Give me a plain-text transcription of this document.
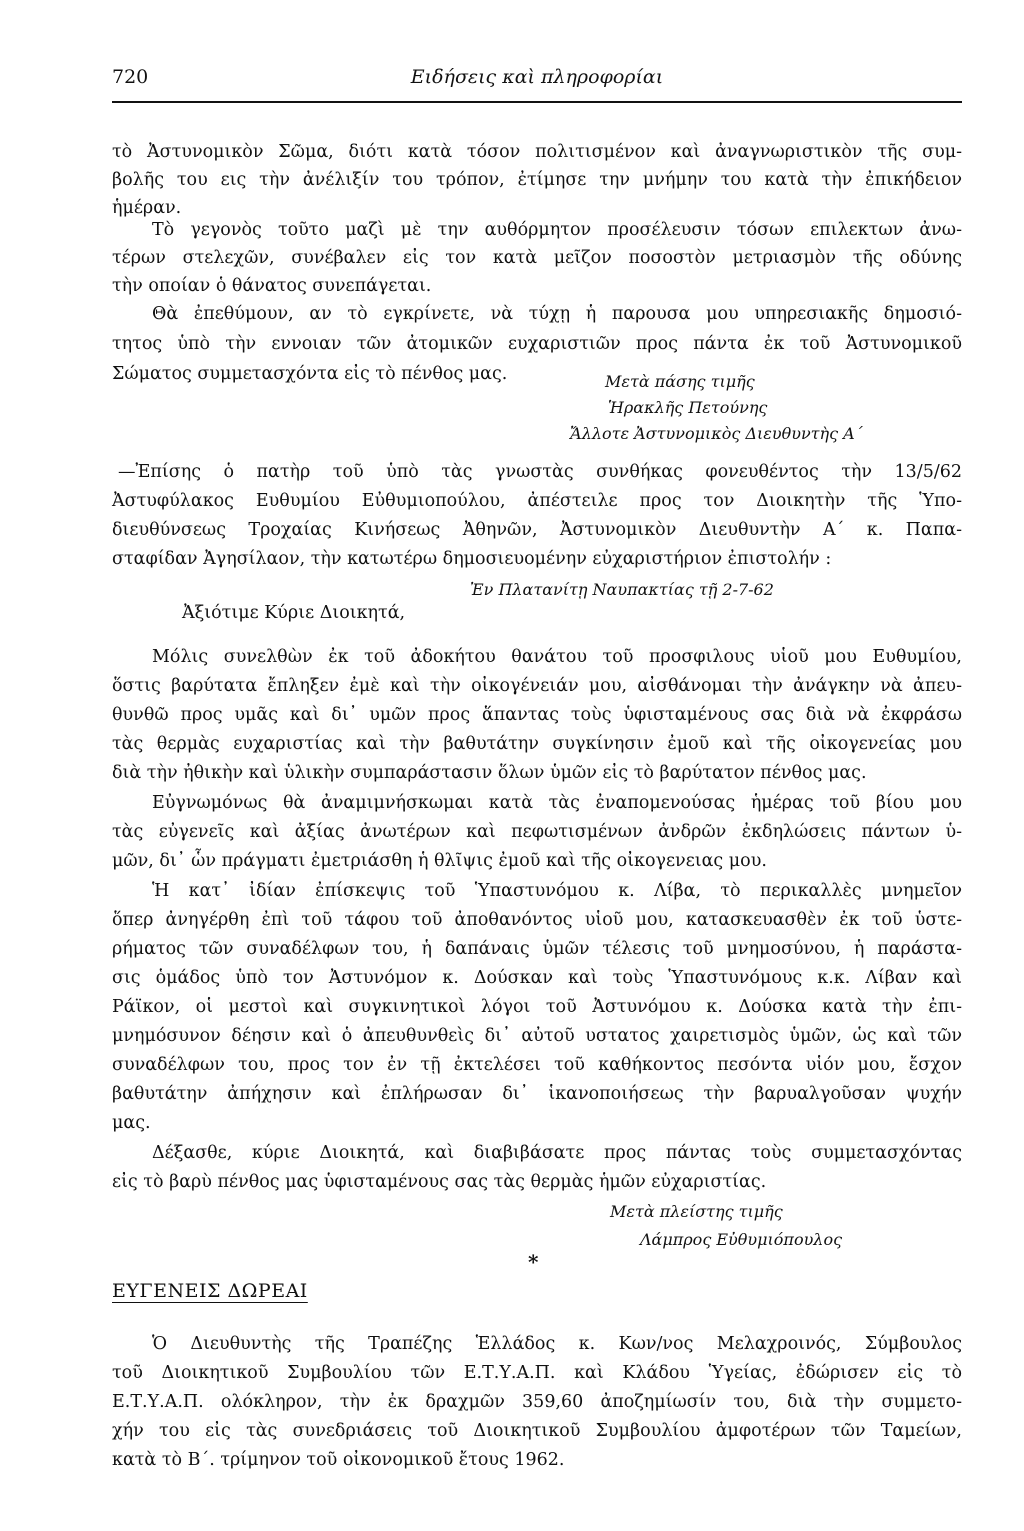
720	Ειδήσεις καὶ πληροφορίαι
τὸ Ἀστυνομικὸν Σῶμα, διότι κατὰ τόσον πολιτισμένον καὶ ἀναγνωριστικὸν τῆς συμ-
βολῆς του εις τὴν ἀνέλιξίν του τρόπον, ἐτίμησε την μνήμην του κατὰ τὴν ἐπικήδειον
ἡμέραν.
Τὸ γεγονὸς τοῦτο μαζὶ μὲ την αυθόρμητον προσέλευσιν τόσων επιλεκτων ἀνω-
τέρων στελεχῶν, συνέβαλεν εἰς τον κατὰ μεῖζον ποσοστὸν μετριασμὸν τῆς οδύνης
τὴν οποίαν ὁ θάνατος συνεπάγεται.
Θὰ ἐπεθύμουν, αν τὸ εγκρίνετε, νὰ τύχῃ ἡ παρουσα μου υπηρεσιακῆς δημοσιό-
τητος ὑπὸ τὴν εννοιαν τῶν ἀτομικῶν ευχαριστιῶν προς πάντα ἐκ τοῦ Ἀστυνομικοῦ
Σώματος συμμετασχόντα εἰς τὸ πένθος μας.	Μετὰ πάσης τιμῆς
Ἡρακλῆς Πετούνης
Ἄλλοτε Ἀστυνομικὸς Διευθυντὴς Α΄
—Ἐπίσης ὁ πατὴρ τοῦ ὑπὸ τὰς γνωστὰς συνθήκας φονευθέντος τὴν 13/5/62
Ἀστυφύλακος Ευθυμίου Εὐθυμιοπούλου, ἀπέστειλε προς τον Διοικητὴν τῆς Ὑπο-
διευθύνσεως Τροχαίας Κινήσεως Ἀθηνῶν, Ἀστυνομικὸν Διευθυντὴν Α΄ κ. Παπα-
σταφίδαν Ἀγησίλαον, τὴν κατωτέρω δημοσιευομένην εὐχαριστήριον ἐπιστολήν :
Ἐν Πλατανίτῃ Ναυπακτίας τῇ 2-7-62
Ἀξιότιμε Κύριε Διοικητά,
Μόλις συνελθὼν ἐκ τοῦ ἀδοκήτου θανάτου τοῦ προσφιλους υἱοῦ μου Ευθυμίου,
ὅστις βαρύτατα ἔπληξεν ἐμὲ καὶ τὴν οἰκογένειάν μου, αἰσθάνομαι τὴν ἀνάγκην νὰ ἀπευ-
θυνθῶ προς υμᾶς καὶ δι᾿ υμῶν προς ἅπαντας τοὺς ὑφισταμένους σας διὰ νὰ ἐκφράσω
τὰς θερμὰς ευχαριστίας καὶ τὴν βαθυτάτην συγκίνησιν ἐμοῦ καὶ τῆς οἰκογενείας μου
διὰ τὴν ἠθικὴν καὶ ὑλικὴν συμπαράστασιν ὅλων ὑμῶν εἰς τὸ βαρύτατον πένθος μας.
Εὐγνωμόνως θὰ ἀναμιμνήσκωμαι κατὰ τὰς ἐναπομενούσας ἡμέρας τοῦ βίου μου
τὰς εὐγενεῖς καὶ ἀξίας ἀνωτέρων καὶ πεφωτισμένων ἀνδρῶν ἐκδηλώσεις πάντων ὑ-
μῶν, δι᾿ ὧν πράγματι ἐμετριάσθη ἡ θλῖψις ἐμοῦ καὶ τῆς οἰκογενειας μου.
Ἡ κατ᾿ ἰδίαν ἐπίσκεψις τοῦ Ὑπαστυνόμου κ. Λίβα, τὸ περικαλλὲς μνημεῖον
ὅπερ ἀνηγέρθη ἐπὶ τοῦ τάφου τοῦ ἀποθανόντος υἱοῦ μου, κατασκευασθὲν ἐκ τοῦ ὑστε-
ρήματος τῶν συναδέλφων του, ἡ δαπάναις ὑμῶν τέλεσις τοῦ μνημοσύνου, ἡ παράστα-
σις ὁμάδος ὑπὸ τον Ἀστυνόμον κ. Δούσκαν καὶ τοὺς Ὑπαστυνόμους κ.κ. Λίβαν καὶ
Ράϊκον, οἱ μεστοὶ καὶ συγκινητικοὶ λόγοι τοῦ Ἀστυνόμου κ. Δούσκα κατὰ τὴν ἐπι-
μνημόσυνον δέησιν καὶ ὁ ἀπευθυνθεὶς δι᾿ αὐτοῦ υστατος χαιρετισμὸς ὑμῶν, ὡς καὶ τῶν
συναδέλφων του, προς τον ἐν τῇ ἐκτελέσει τοῦ καθήκοντος πεσόντα υἱόν μου, ἔσχον
βαθυτάτην ἀπήχησιν καὶ ἐπλήρωσαν δι᾿ ἱκανοποιήσεως τὴν βαρυαλγοῦσαν ψυχήν
μας.
Δέξασθε, κύριε Διοικητά, καὶ διαβιβάσατε προς πάντας τοὺς συμμετασχόντας
εἰς τὸ βαρὺ πένθος μας ὑφισταμένους σας τὰς θερμὰς ἡμῶν εὐχαριστίας.
Μετὰ πλείστης τιμῆς
Λάμπρος Εὐθυμιόπουλος
*
ΕΥΓΕΝΕΙΣ ΔΩΡΕΑΙ
Ὁ Διευθυντὴς τῆς Τραπέζης Ἑλλάδος κ. Κων/νος Μελαχροινός, Σύμβουλος
τοῦ Διοικητικοῦ Συμβουλίου τῶν Ε.Τ.Υ.Α.Π. καὶ Κλάδου Ὑγείας, ἐδώρισεν εἰς τὸ
Ε.Τ.Υ.Α.Π. ολόκληρον, τὴν ἐκ δραχμῶν 359,60 ἀποζημίωσίν του, διὰ τὴν συμμετο-
χήν του εἰς τὰς συνεδριάσεις τοῦ Διοικητικοῦ Συμβουλίου ἀμφοτέρων τῶν Ταμείων,
κατὰ τὸ Β΄. τρίμηνον τοῦ οἰκονομικοῦ ἔτους 1962.
